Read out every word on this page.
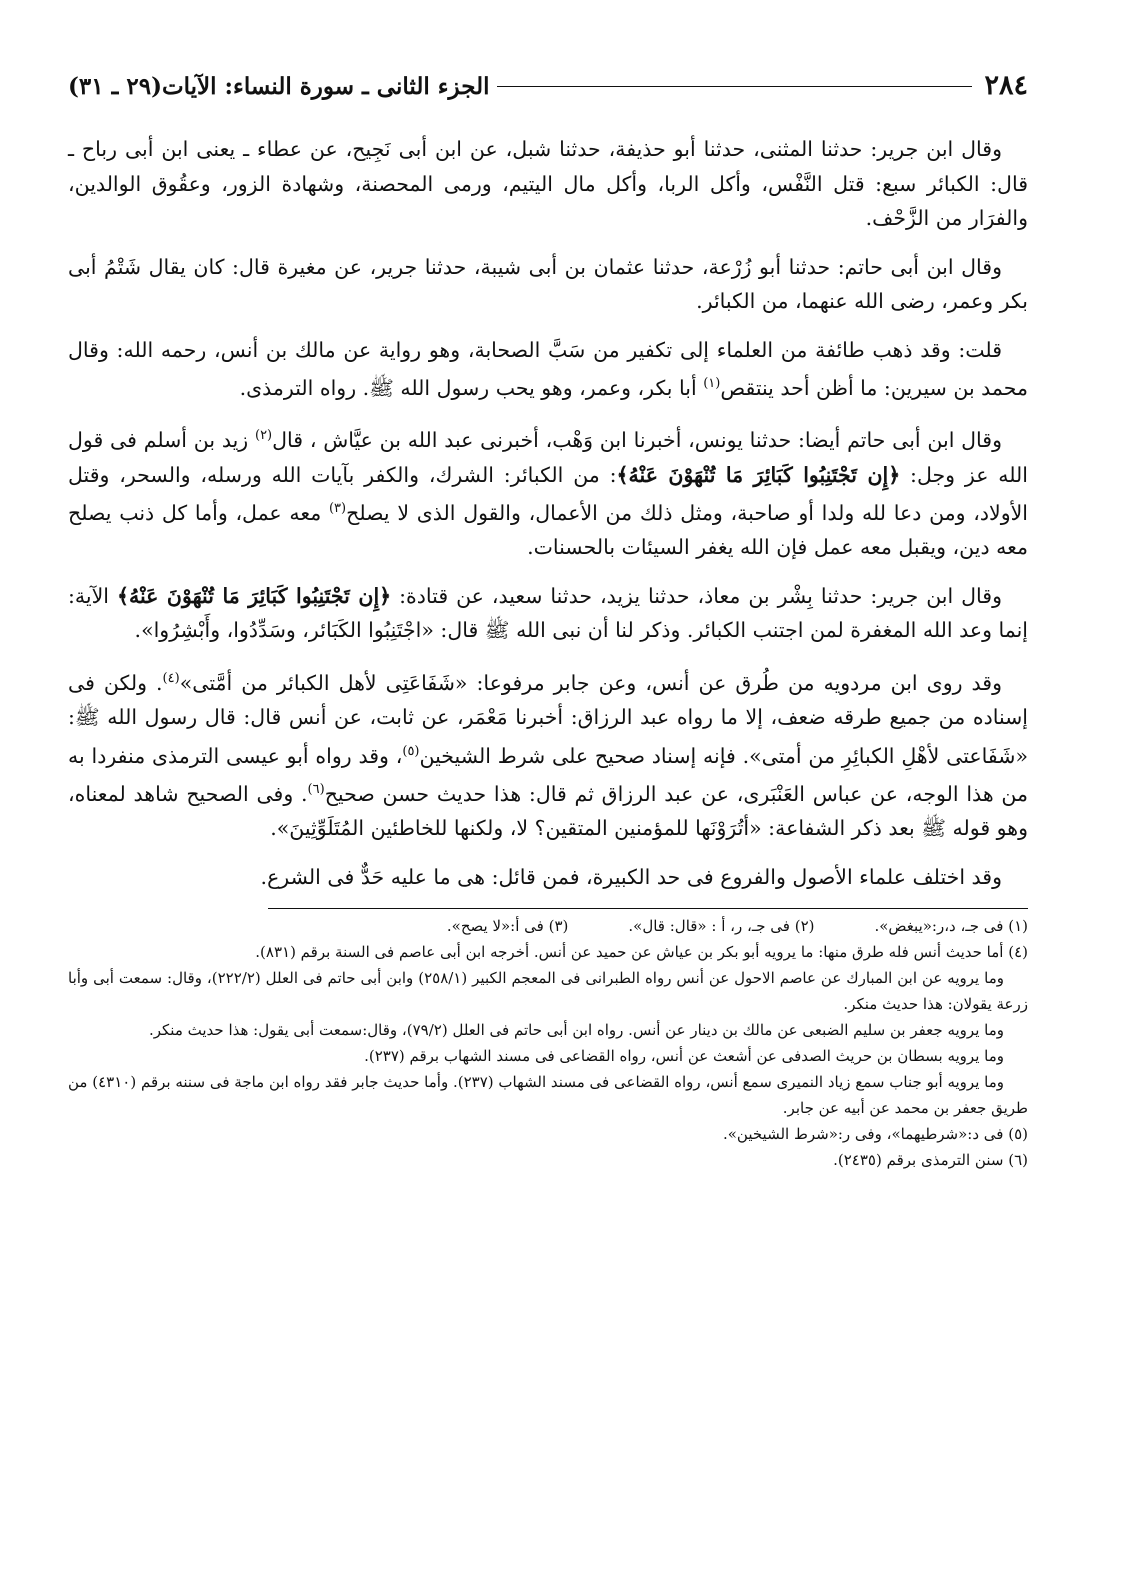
٢٨٤
الجزء الثانى ـ سورة النساء: الآيات(٢٩ ـ ٣١)

وقال ابن جرير: حدثنا المثنى، حدثنا أبو حذيفة، حدثنا شبل، عن ابن أبى نَجِيح، عن عطاء ـ يعنى ابن أبى رباح ـ قال: الكبائر سبع: قتل النَّفْس، وأكل الربا، وأكل مال اليتيم، ورمى المحصنة، وشهادة الزور، وعقُوق الوالدين، والفرَار من الزَّحْف.

وقال ابن أبى حاتم: حدثنا أبو زُرْعة، حدثنا عثمان بن أبى شيبة، حدثنا جرير، عن مغيرة قال: كان يقال شَتْمُ أبى بكر وعمر، رضى الله عنهما، من الكبائر.

قلت: وقد ذهب طائفة من العلماء إلى تكفير من سَبَّ الصحابة، وهو رواية عن مالك بن أنس، رحمه الله: وقال محمد بن سيرين: ما أظن أحد ينتقص$^{(١)}$ أبا بكر، وعمر، وهو يحب رسول الله ﷺ. رواه الترمذى.

وقال ابن أبى حاتم أيضا: حدثنا يونس، أخبرنا ابن وَهْب، أخبرنى عبد الله بن عيَّاش ، قال$^{(٢)}$ زيد بن أسلم فى قول الله عز وجل: ﴿إِن تَجْتَنِبُوا كَبَائِرَ مَا تُنْهَوْنَ عَنْهُ﴾: من الكبائر: الشرك، والكفر بآيات الله ورسله، والسحر، وقتل الأولاد، ومن دعا لله ولدا أو صاحبة، ومثل ذلك من الأعمال، والقول الذى لا يصلح$^{(٣)}$ معه عمل، وأما كل ذنب يصلح معه دين، ويقبل معه عمل فإن الله يغفر السيئات بالحسنات.

وقال ابن جرير: حدثنا بِشْر بن معاذ، حدثنا يزيد، حدثنا سعيد، عن قتادة: ﴿إِن تَجْتَنِبُوا كَبَائِرَ مَا تُنْهَوْنَ عَنْهُ﴾ الآية: إنما وعد الله المغفرة لمن اجتنب الكبائر. وذكر لنا أن نبى الله ﷺ قال: «اجْتَنِبُوا الكَبَائر، وسَدِّدُوا، وأَبْشِرُوا».

وقد روى ابن مردويه من طُرق عن أنس، وعن جابر مرفوعا: «شَفَاعَتِى لأهل الكبائر من أمَّتى»$^{(٤)}$. ولكن فى إسناده من جميع طرقه ضعف، إلا ما رواه عبد الرزاق: أخبرنا مَعْمَر، عن ثابت، عن أنس قال: قال رسول الله ﷺ: «شَفَاعتى لأهْلِ الكبائِرِ من أمتى». فإنه إسناد صحيح على شرط الشيخين$^{(٥)}$، وقد رواه أبو عيسى الترمذى منفردا به من هذا الوجه، عن عباس العَنْبَرى، عن عبد الرزاق ثم قال: هذا حديث حسن صحيح$^{(٦)}$. وفى الصحيح شاهد لمعناه، وهو قوله ﷺ بعد ذكر الشفاعة: «أتُرَوْنَها للمؤمنين المتقين؟ لا، ولكنها للخاطئين المُتَلَوِّثِينَ».

وقد اختلف علماء الأصول والفروع فى حد الكبيرة، فمن قائل: هى ما عليه حَدٌّ فى الشرع.

(١) فى جـ، د،ر:«يبغض».
(٢) فى جـ، ر، أ : «قال: قال».
(٣) فى أ:«لا يصح».

(٤) أما حديث أنس فله طرق منها: ما يرويه أبو بكر بن عياش عن حميد عن أنس. أخرجه ابن أبى عاصم فى السنة برقم (٨٣١).

وما يرويه عن ابن المبارك عن عاصم الاحول عن أنس رواه الطبرانى فى المعجم الكبير (٢٥٨/١) وابن أبى حاتم فى العلل (٢٢٢/٢)، وقال: سمعت أبى وأبا زرعة يقولان: هذا حديث منكر.

وما يرويه جعفر بن سليم الضبعى عن مالك بن دينار عن أنس. رواه ابن أبى حاتم فى العلل (٧٩/٢)، وقال:سمعت أبى يقول: هذا حديث منكر.

وما يرويه بسطان بن حريث الصدفى عن أشعث عن أنس، رواه القضاعى فى مسند الشهاب برقم (٢٣٧).

وما يرويه أبو جناب سمع زياد النميرى سمع أنس، رواه القضاعى فى مسند الشهاب (٢٣٧). وأما حديث جابر فقد رواه ابن ماجة فى سننه برقم (٤٣١٠) من طريق جعفر بن محمد عن أبيه عن جابر.

(٥) فى د:«شرطيهما»، وفى ر:«شرط الشيخين».

(٦) سنن الترمذى برقم (٢٤٣٥).
